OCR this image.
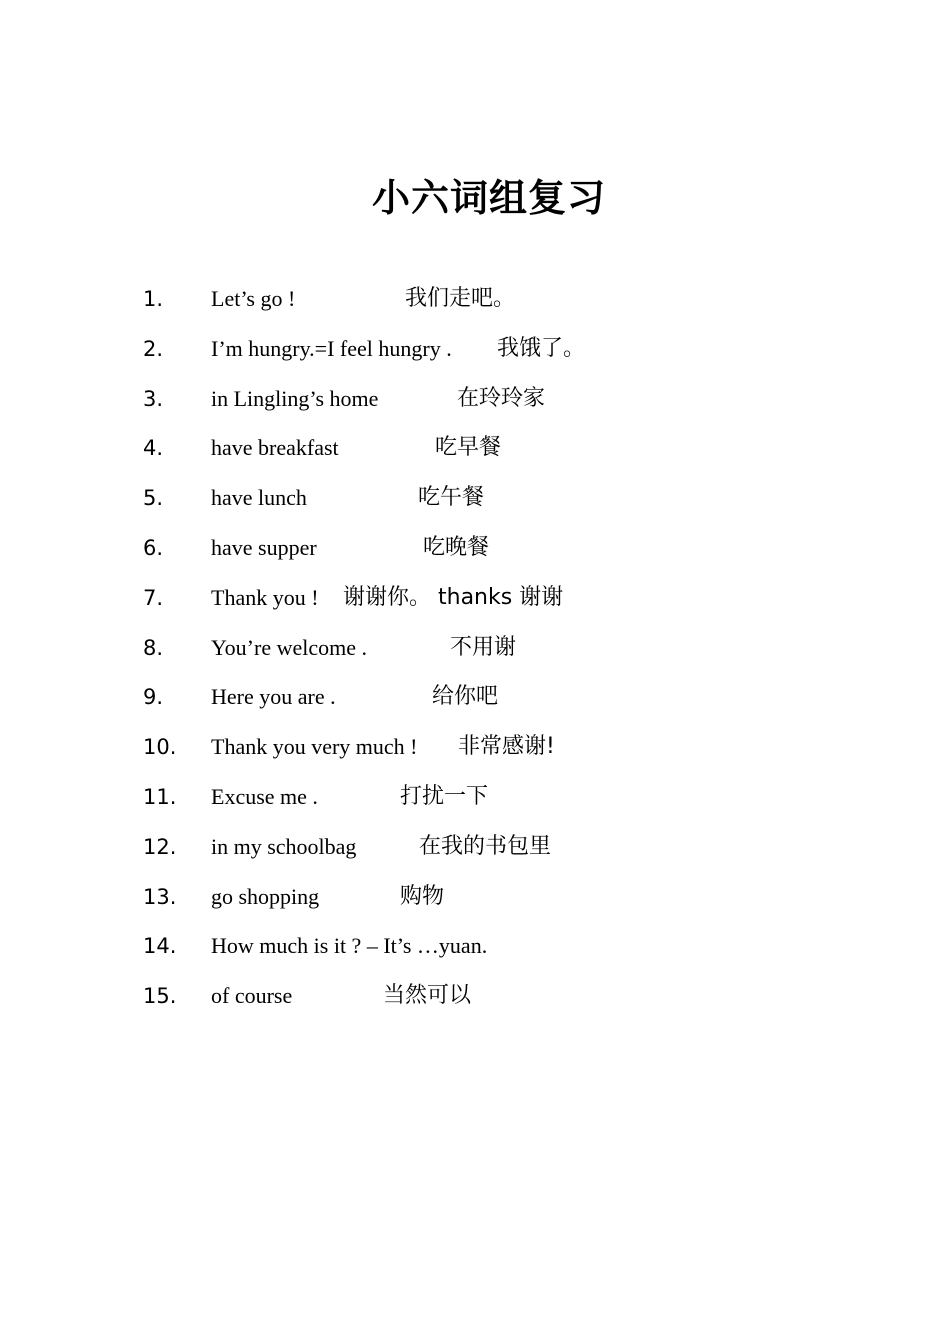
小六词组复习
1. Let’s go !	我们走吧。
2. I’m hungry.=I feel hungry . 我饿了。
3. in Lingling’s home	在玲玲家
4. have breakfast	吃早餐
5. have lunch	吃午餐
6. have supper	吃晚餐
7. Thank you ! 谢谢你。 thanks 谢谢
8. You’re welcome .	不用谢
9. Here you are .	给你吧
10. Thank you very much ! 非常感谢!
11. Excuse me .	打扰一下
12. in my schoolbag	在我的书包里
13. go shopping	购物
14. How much is it ? – It’s …yuan.
15. of course	当然可以
